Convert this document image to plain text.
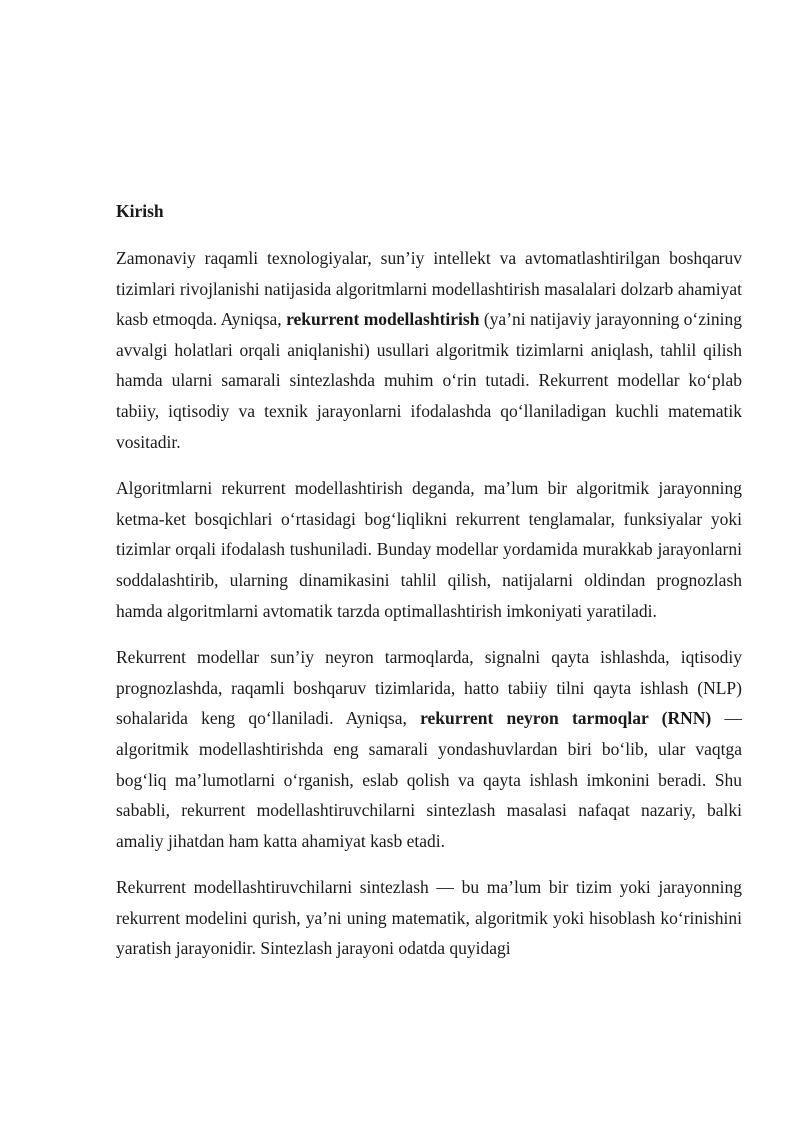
Kirish

Zamonaviy raqamli texnologiyalar, sun’iy intellekt va avtomatlashtirilgan boshqaruv tizimlari rivojlanishi natijasida algoritmlarni modellashtirish masalalari dolzarb ahamiyat kasb etmoqda. Ayniqsa, rekurrent modellashtirish (ya’ni natijaviy jarayonning o‘zining avvalgi holatlari orqali aniqlanishi) usullari algoritmik tizimlarni aniqlash, tahlil qilish hamda ularni samarali sintezlashda muhim o‘rin tutadi. Rekurrent modellar ko‘plab tabiiy, iqtisodiy va texnik jarayonlarni ifodalashda qo‘llaniladigan kuchli matematik vositadir.

Algoritmlarni rekurrent modellashtirish deganda, ma’lum bir algoritmik jarayonning ketma-ket bosqichlari o‘rtasidagi bog‘liqlikni rekurrent tenglamalar, funksiyalar yoki tizimlar orqali ifodalash tushuniladi. Bunday modellar yordamida murakkab jarayonlarni soddalashtirib, ularning dinamikasini tahlil qilish, natijalarni oldindan prognozlash hamda algoritmlarni avtomatik tarzda optimallashtirish imkoniyati yaratiladi.

Rekurrent modellar sun’iy neyron tarmoqlarda, signalni qayta ishlashda, iqtisodiy prognozlashda, raqamli boshqaruv tizimlarida, hatto tabiiy tilni qayta ishlash (NLP) sohalarida keng qo‘llaniladi. Ayniqsa, rekurrent neyron tarmoqlar (RNN) — algoritmik modellashtirishda eng samarali yondashuvlardan biri bo‘lib, ular vaqtga bog‘liq ma’lumotlarni o‘rganish, eslab qolish va qayta ishlash imkonini beradi. Shu sababli, rekurrent modellashtiruvchilarni sintezlash masalasi nafaqat nazariy, balki amaliy jihatdan ham katta ahamiyat kasb etadi.

Rekurrent modellashtiruvchilarni sintezlash — bu ma’lum bir tizim yoki jarayonning rekurrent modelini qurish, ya’ni uning matematik, algoritmik yoki hisoblash ko‘rinishini yaratish jarayonidir. Sintezlash jarayoni odatda quyidagi
